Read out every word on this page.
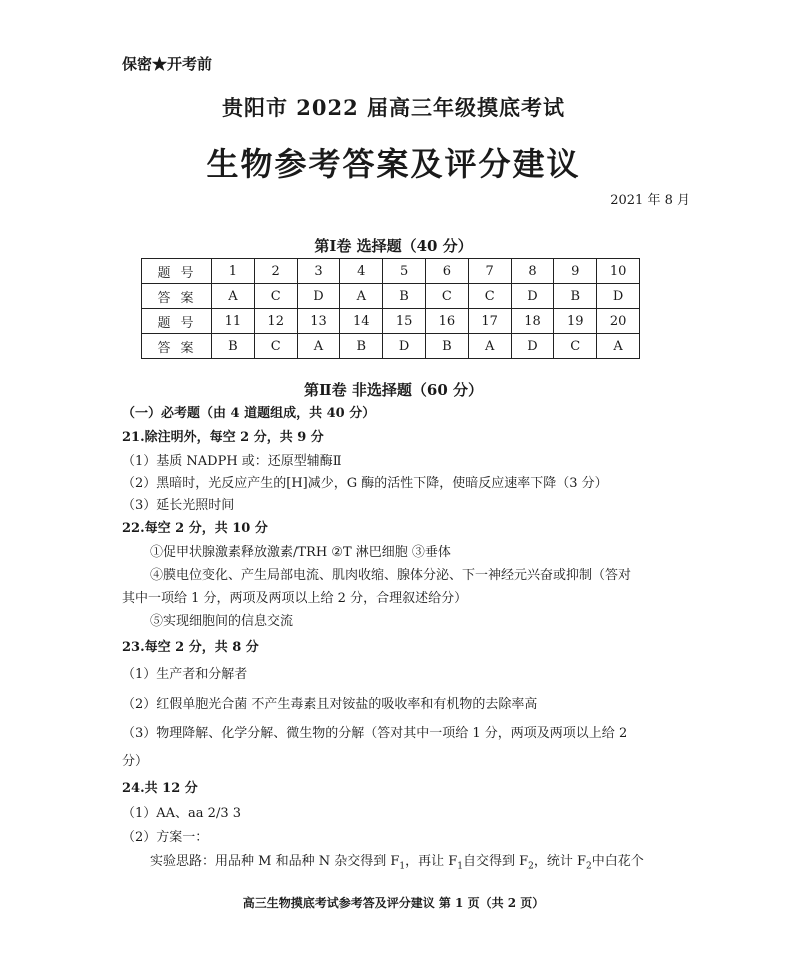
保密★开考前
贵阳市 2022 届高三年级摸底考试
生物参考答案及评分建议
2021 年 8 月
第Ⅰ卷 选择题（40 分）
题号	1	2	3	4	5	6	7	8	9	10
答案	A	C	D	A	B	C	C	D	B	D
题号	11	12	13	14	15	16	17	18	19	20
答案	B	C	A	B	D	B	A	D	C	A
第Ⅱ卷 非选择题（60 分）
（一）必考题（由 4 道题组成，共 40 分）
21.除注明外，每空 2 分，共 9 分
（1）基质 NADPH 或：还原型辅酶Ⅱ
（2）黑暗时，光反应产生的[H]减少，G 酶的活性下降，使暗反应速率下降（3 分）
（3）延长光照时间
22.每空 2 分，共 10 分
①促甲状腺激素释放激素/TRH ②T 淋巴细胞 ③垂体
④膜电位变化、产生局部电流、肌肉收缩、腺体分泌、下一神经元兴奋或抑制（答对
其中一项给 1 分，两项及两项以上给 2 分，合理叙述给分）
⑤实现细胞间的信息交流
23.每空 2 分，共 8 分
（1）生产者和分解者
（2）红假单胞光合菌 不产生毒素且对铵盐的吸收率和有机物的去除率高
（3）物理降解、化学分解、微生物的分解（答对其中一项给 1 分，两项及两项以上给 2
分）
24.共 12 分
（1）AA、aa 2/3 3
（2）方案一：
实验思路：用品种 M 和品种 N 杂交得到 $F_1$，再让 $F_1$自交得到 $F_2$，统计 $F_2$中白花个
高三生物摸底考试参考答及评分建议 第 1 页（共 2 页）
